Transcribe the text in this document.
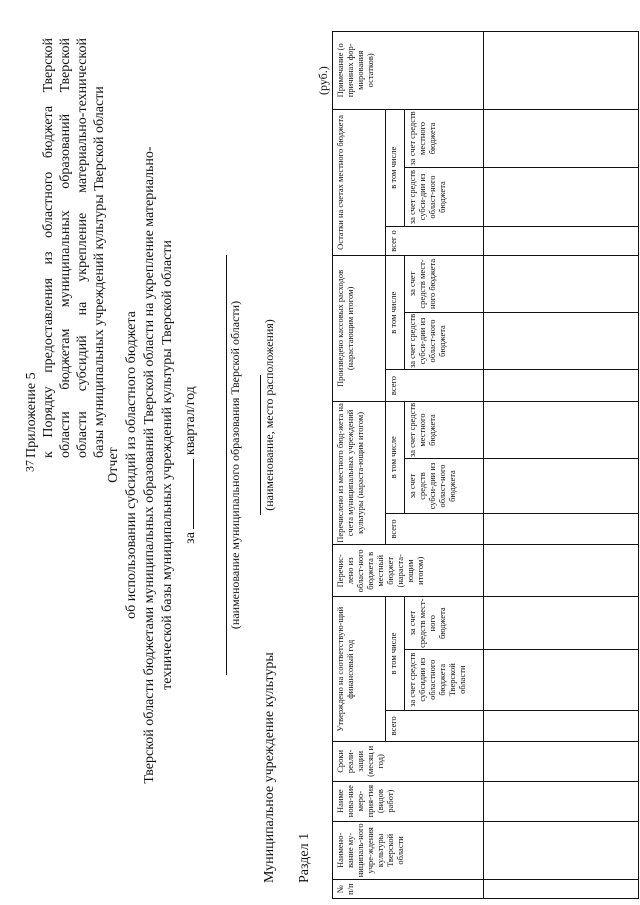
37
Приложение 5 к Порядку предоставления из областного бюджета Тверской области бюджетам муниципальных образований Тверской области субсидий на укрепление материально-технической базы муниципальных учреждений культуры Тверской области
Отчет об использовании субсидий из областного бюджета Тверской области бюджетами муниципальных образований Тверской области на укрепление материально- технической базы муниципальных учреждений культуры Тверской области за  квартал/год	(наименование муниципального образования Тверской области)
Муниципальное учреждение культуры
(наименование, место расположения)
Раздел 1
(руб.)
№ п/п	Наимено-вание му-ниципаль-ного учре-ждения культуры Тверской области	Наиме нова-ние меро-прия-тия (видов работ)	Сроки реали-зации (месяц и год)	Утверждено на соответствую-щий финансовый год			Перечис-лено из област-ного бюджета в местный бюджет (нараста-ющим итогом)	Перечислено из местного бюд-жета на счета муниципальных учреждений культуры (нараста-ющим итогом)			Произведено кассовых расходов (нарастающим итогом)			Остатки на счетах местного бюджета			Примечание (о причинах фор-мирования остатков)
				всего	в том числе			всего	в том числе		всего	в том числе		всег о	в том числе		
					за счет средств субсидии из областного бюджета Тверской области	за счет средств мест-ного бюджета			за счет средств субси-дии из област-ного бюджета	за счет средств местного бюджета		за счет средств субси-дии из област-ного бюджета	за счет средств мест-ного бюджета		за счет средств субси-дии из област-ного бюджета	за счет средств местного бюджета	
